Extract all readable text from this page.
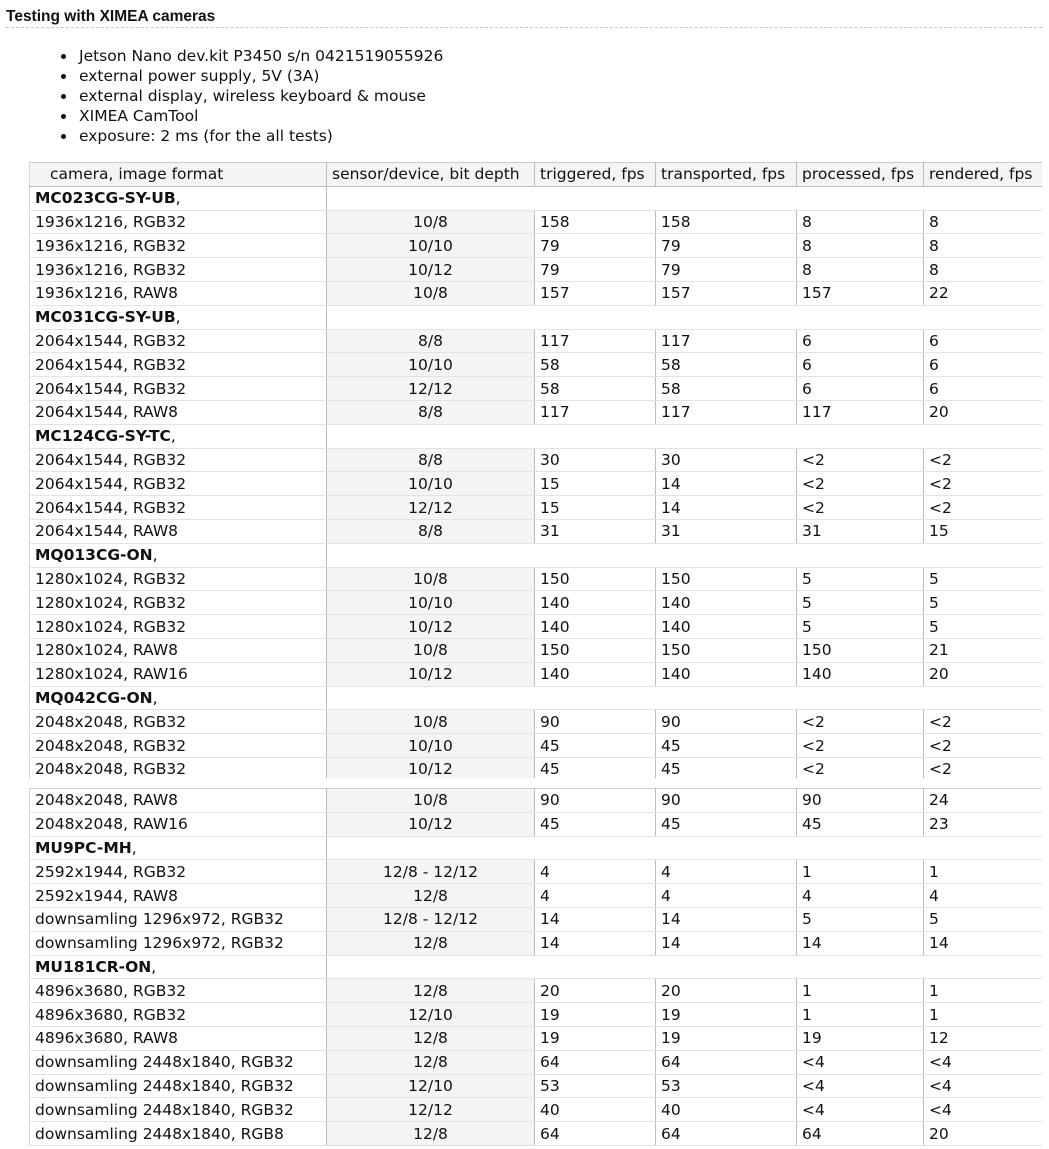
Testing with XIMEA cameras
Jetson Nano dev.kit P3450 s/n 0421519055926
external power supply, 5V (3A)
external display, wireless keyboard & mouse
XIMEA CamTool
exposure: 2 ms (for the all tests)
camera, image format	sensor/device, bit depth	triggered, fps	transported, fps	processed, fps	rendered, fps
MC023CG-SY-UB,					
1936x1216, RGB32	10/8	158	158	8	8
1936x1216, RGB32	10/10	79	79	8	8
1936x1216, RGB32	10/12	79	79	8	8
1936x1216, RAW8	10/8	157	157	157	22
MC031CG-SY-UB,					
2064x1544, RGB32	8/8	117	117	6	6
2064x1544, RGB32	10/10	58	58	6	6
2064x1544, RGB32	12/12	58	58	6	6
2064x1544, RAW8	8/8	117	117	117	20
MC124CG-SY-TC,					
2064x1544, RGB32	8/8	30	30	<2	<2
2064x1544, RGB32	10/10	15	14	<2	<2
2064x1544, RGB32	12/12	15	14	<2	<2
2064x1544, RAW8	8/8	31	31	31	15
MQ013CG-ON,					
1280x1024, RGB32	10/8	150	150	5	5
1280x1024, RGB32	10/10	140	140	5	5
1280x1024, RGB32	10/12	140	140	5	5
1280x1024, RAW8	10/8	150	150	150	21
1280x1024, RAW16	10/12	140	140	140	20
MQ042CG-ON,					
2048x2048, RGB32	10/8	90	90	<2	<2
2048x2048, RGB32	10/10	45	45	<2	<2
2048x2048, RGB32	10/12	45	45	<2	<2
2048x2048, RAW8	10/8	90	90	90	24
2048x2048, RAW16	10/12	45	45	45	23
MU9PC-MH,					
2592x1944, RGB32	12/8 - 12/12	4	4	1	1
2592x1944, RAW8	12/8	4	4	4	4
downsamling 1296x972, RGB32	12/8 - 12/12	14	14	5	5
downsamling 1296x972, RGB32	12/8	14	14	14	14
MU181CR-ON,					
4896x3680, RGB32	12/8	20	20	1	1
4896x3680, RGB32	12/10	19	19	1	1
4896x3680, RAW8	12/8	19	19	19	12
downsamling 2448x1840, RGB32	12/8	64	64	<4	<4
downsamling 2448x1840, RGB32	12/10	53	53	<4	<4
downsamling 2448x1840, RGB32	12/12	40	40	<4	<4
downsamling 2448x1840, RGB8	12/8	64	64	64	20
